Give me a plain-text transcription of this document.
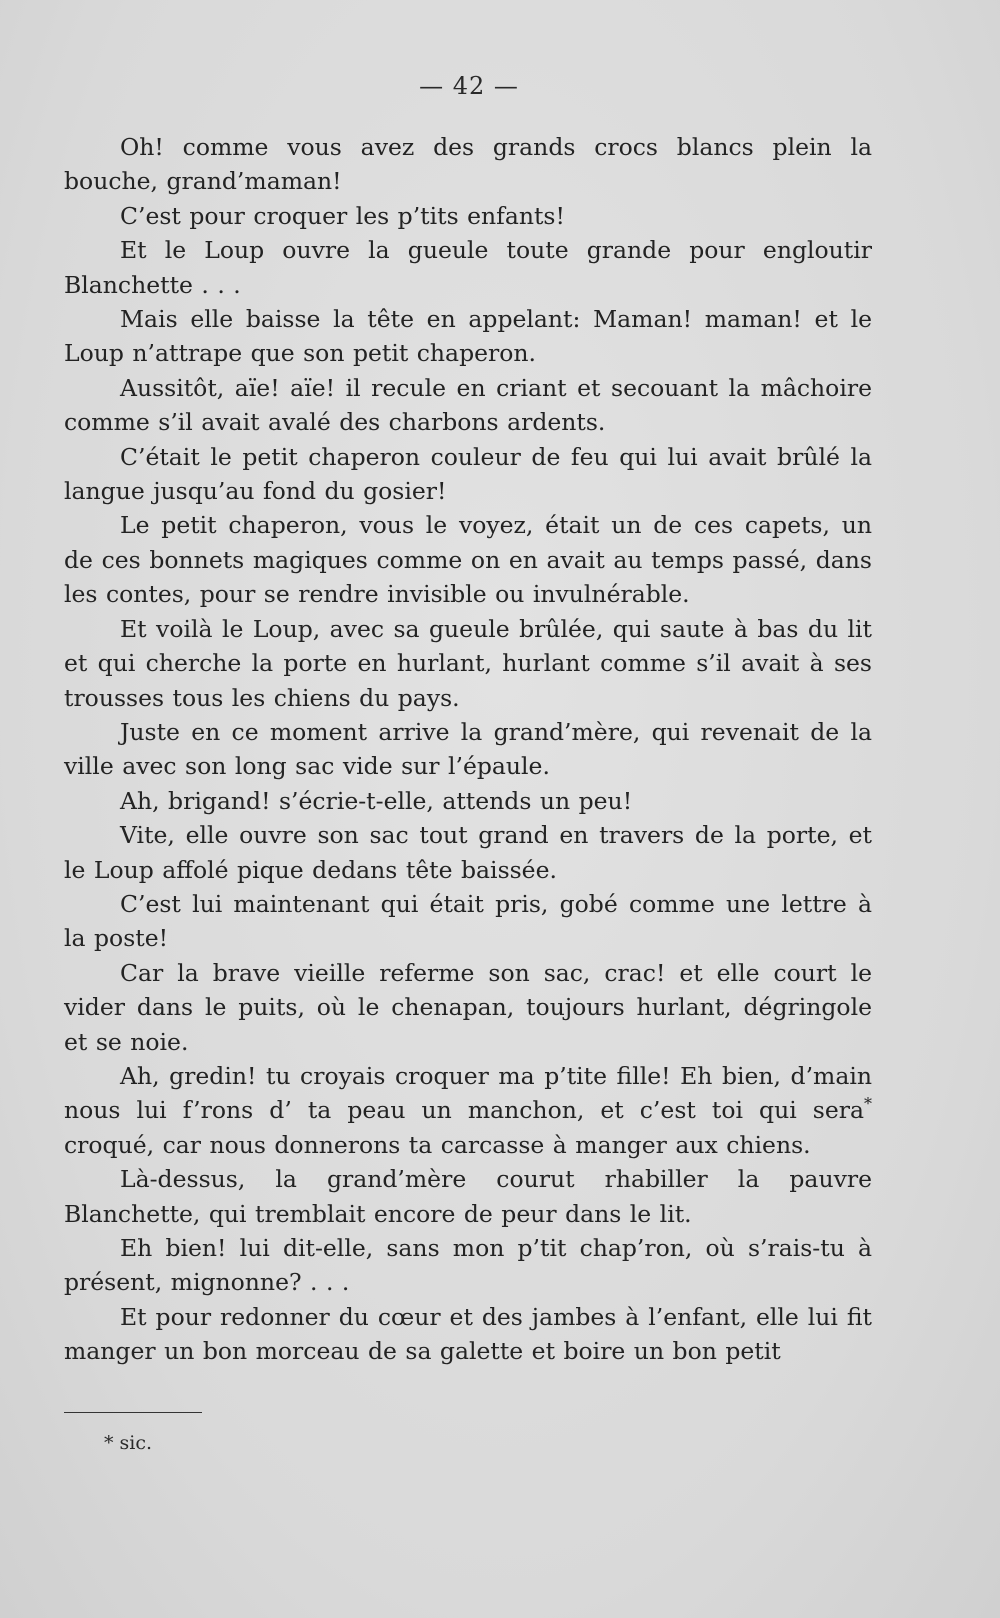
— 42 —

Oh! comme vous avez des grands crocs blancs plein la bouche, grand’maman!

C’est pour croquer les p’tits enfants!

Et le Loup ouvre la gueule toute grande pour engloutir Blanchette . . .

Mais elle baisse la tête en appelant: Maman! maman! et le Loup n’attrape que son petit chaperon.

Aussitôt, aïe! aïe! il recule en criant et secouant la mâchoire comme s’il avait avalé des charbons ardents.

C’était le petit chaperon couleur de feu qui lui avait brûlé la langue jusqu’au fond du gosier!

Le petit chaperon, vous le voyez, était un de ces capets, un de ces bonnets magiques comme on en avait au temps passé, dans les contes, pour se rendre invisible ou invulnérable.

Et voilà le Loup, avec sa gueule brûlée, qui saute à bas du lit et qui cherche la porte en hurlant, hurlant comme s’il avait à ses trousses tous les chiens du pays.

Juste en ce moment arrive la grand’mère, qui revenait de la ville avec son long sac vide sur l’épaule.

Ah, brigand! s’écrie-t-elle, attends un peu!

Vite, elle ouvre son sac tout grand en travers de la porte, et le Loup affolé pique dedans tête baissée.

C’est lui maintenant qui était pris, gobé comme une lettre à la poste!

Car la brave vieille referme son sac, crac! et elle court le vider dans le puits, où le chenapan, toujours hurlant, dégringole et se noie.

Ah, gredin! tu croyais croquer ma p’tite fille! Eh bien, d’main nous lui f’rons d’ ta peau un manchon, et c’est toi qui sera* croqué, car nous donnerons ta carcasse à manger aux chiens.

Là-dessus, la grand’mère courut rhabiller la pauvre Blanchette, qui tremblait encore de peur dans le lit.

Eh bien! lui dit-elle, sans mon p’tit chap’ron, où s’rais-tu à présent, mignonne? . . .

Et pour redonner du cœur et des jambes à l’enfant, elle lui fit manger un bon morceau de sa galette et boire un bon petit

* sic.
